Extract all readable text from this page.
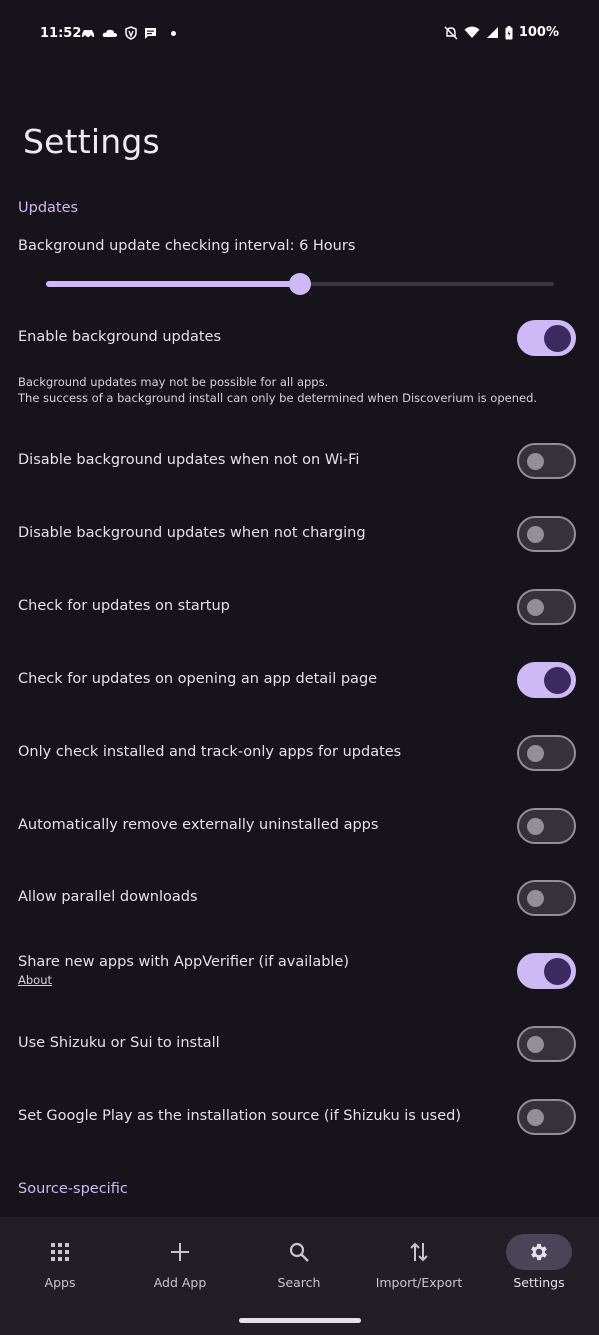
11:52	100%
Settings
Updates
Background update checking interval: 6 Hours
Enable background updates
Background updates may not be possible for all apps.
The success of a background install can only be determined when Discoverium is opened.
Disable background updates when not on Wi-Fi
Disable background updates when not charging
Check for updates on startup
Check for updates on opening an app detail page
Only check installed and track-only apps for updates
Automatically remove externally uninstalled apps
Allow parallel downloads
Share new apps with AppVerifier (if available)
About
Use Shizuku or Sui to install
Set Google Play as the installation source (if Shizuku is used)
Source-specific
Apps	Add App	Search	Import/Export	Settings
